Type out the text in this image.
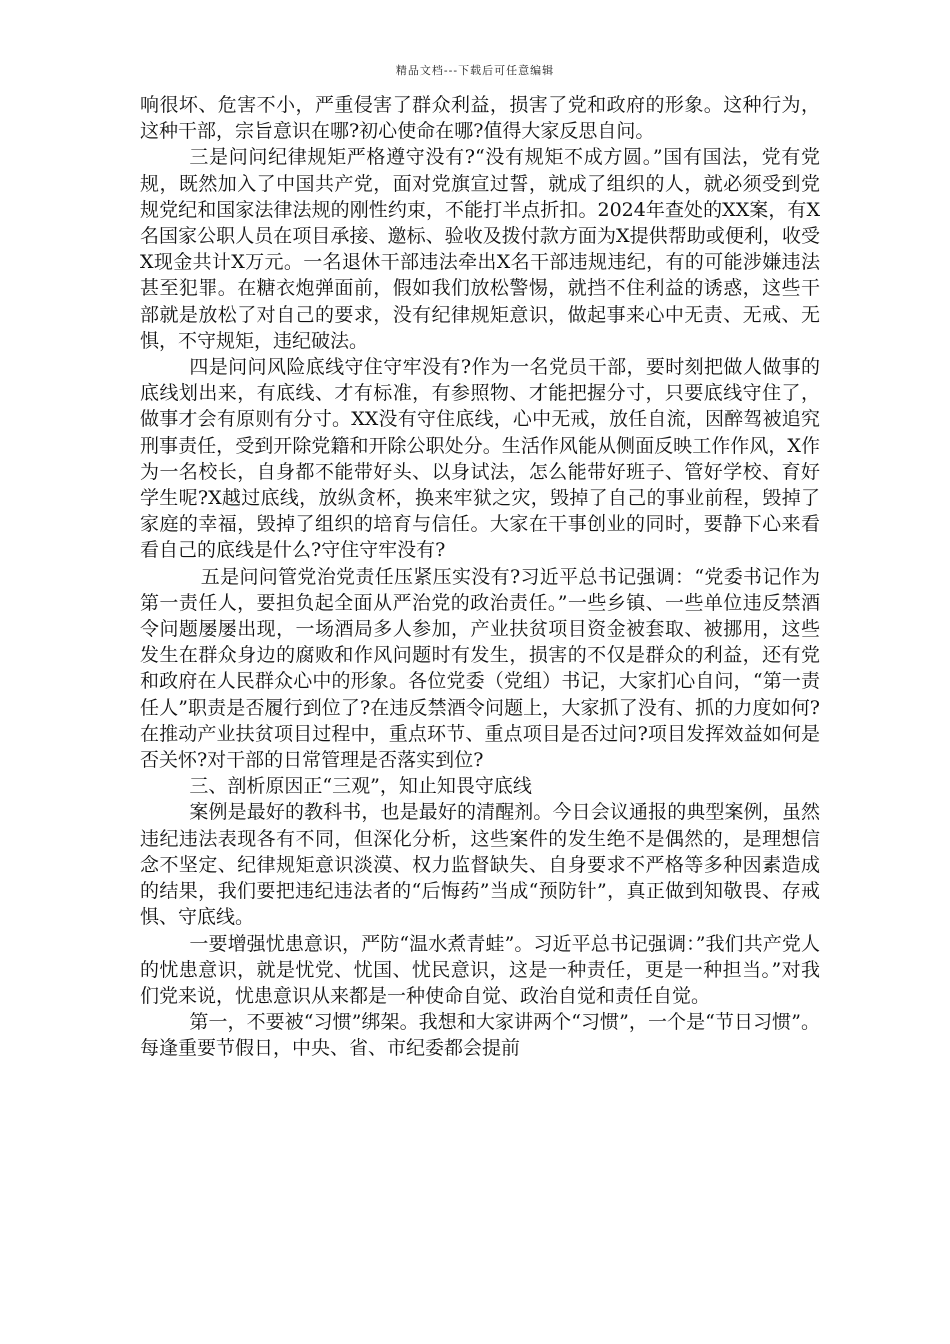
精品文档---下载后可任意编辑

响很坏、危害不小，严重侵害了群众利益，损害了党和政府的形象。这种行为，这种干部，宗旨意识在哪?初心使命在哪?值得大家反思自问。

三是问问纪律规矩严格遵守没有?“没有规矩不成方圆。”国有国法，党有党规，既然加入了中国共产党，面对党旗宣过誓，就成了组织的人，就必须受到党规党纪和国家法律法规的刚性约束，不能打半点折扣。2024年查处的XX案，有X名国家公职人员在项目承接、邀标、验收及拨付款方面为X提供帮助或便利，收受X现金共计X万元。一名退休干部违法牵出X名干部违规违纪，有的可能涉嫌违法甚至犯罪。在糖衣炮弹面前，假如我们放松警惕，就挡不住利益的诱惑，这些干部就是放松了对自己的要求，没有纪律规矩意识，做起事来心中无责、无戒、无惧，不守规矩，违纪破法。

四是问问风险底线守住守牢没有?作为一名党员干部，要时刻把做人做事的底线划出来，有底线、才有标准，有参照物、才能把握分寸，只要底线守住了，做事才会有原则有分寸。XX没有守住底线，心中无戒，放任自流，因醉驾被追究刑事责任，受到开除党籍和开除公职处分。生活作风能从侧面反映工作作风，X作为一名校长，自身都不能带好头、以身试法，怎么能带好班子、管好学校、育好学生呢?X越过底线，放纵贪杯，换来牢狱之灾，毁掉了自己的事业前程，毁掉了家庭的幸福，毁掉了组织的培育与信任。大家在干事创业的同时，要静下心来看看自己的底线是什么?守住守牢没有?

五是问问管党治党责任压紧压实没有?习近平总书记强调：“党委书记作为第一责任人，要担负起全面从严治党的政治责任。”一些乡镇、一些单位违反禁酒令问题屡屡出现，一场酒局多人参加，产业扶贫项目资金被套取、被挪用，这些发生在群众身边的腐败和作风问题时有发生，损害的不仅是群众的利益，还有党和政府在人民群众心中的形象。各位党委（党组）书记，大家扪心自问，“第一责任人”职责是否履行到位了?在违反禁酒令问题上，大家抓了没有、抓的力度如何?在推动产业扶贫项目过程中，重点环节、重点项目是否过问?项目发挥效益如何是否关怀?对干部的日常管理是否落实到位?

三、剖析原因正“三观”，知止知畏守底线

案例是最好的教科书，也是最好的清醒剂。今日会议通报的典型案例，虽然违纪违法表现各有不同，但深化分析，这些案件的发生绝不是偶然的，是理想信念不坚定、纪律规矩意识淡漠、权力监督缺失、自身要求不严格等多种因素造成的结果，我们要把违纪违法者的“后悔药”当成“预防针”，真正做到知敬畏、存戒惧、守底线。

一要增强忧患意识，严防“温水煮青蛙”。习近平总书记强调：”我们共产党人的忧患意识，就是忧党、忧国、忧民意识，这是一种责任，更是一种担当。”对我们党来说，忧患意识从来都是一种使命自觉、政治自觉和责任自觉。

第一，不要被“习惯”绑架。我想和大家讲两个“习惯”，一个是“节日习惯”。每逢重要节假日，中央、省、市纪委都会提前
